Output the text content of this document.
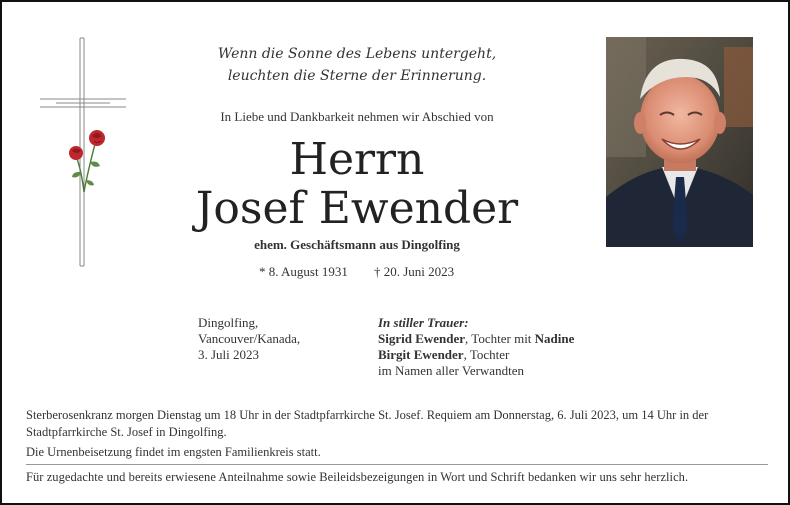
Wenn die Sonne des Lebens untergeht,
leuchten die Sterne der Erinnerung.
In Liebe und Dankbarkeit nehmen wir Abschied von
Herrn
Josef Ewender
ehem. Geschäftsmann aus Dingolfing
* 8. August 1931 † 20. Juni 2023
Dingolfing,
Vancouver/Kanada,
3. Juli 2023
In stiller Trauer:
Sigrid Ewender, Tochter mit Nadine
Birgit Ewender, Tochter
im Namen aller Verwandten
Sterberosenkranz morgen Dienstag um 18 Uhr in der Stadtpfarrkirche St. Josef. Requiem am Donnerstag, 6. Juli 2023, um 14 Uhr in der Stadtpfarrkirche St. Josef in Dingolfing.
Die Urnenbeisetzung findet im engsten Familienkreis statt.
Für zugedachte und bereits erwiesene Anteilnahme sowie Beileidsbezeigungen in Wort und Schrift bedanken wir uns sehr herzlich.
